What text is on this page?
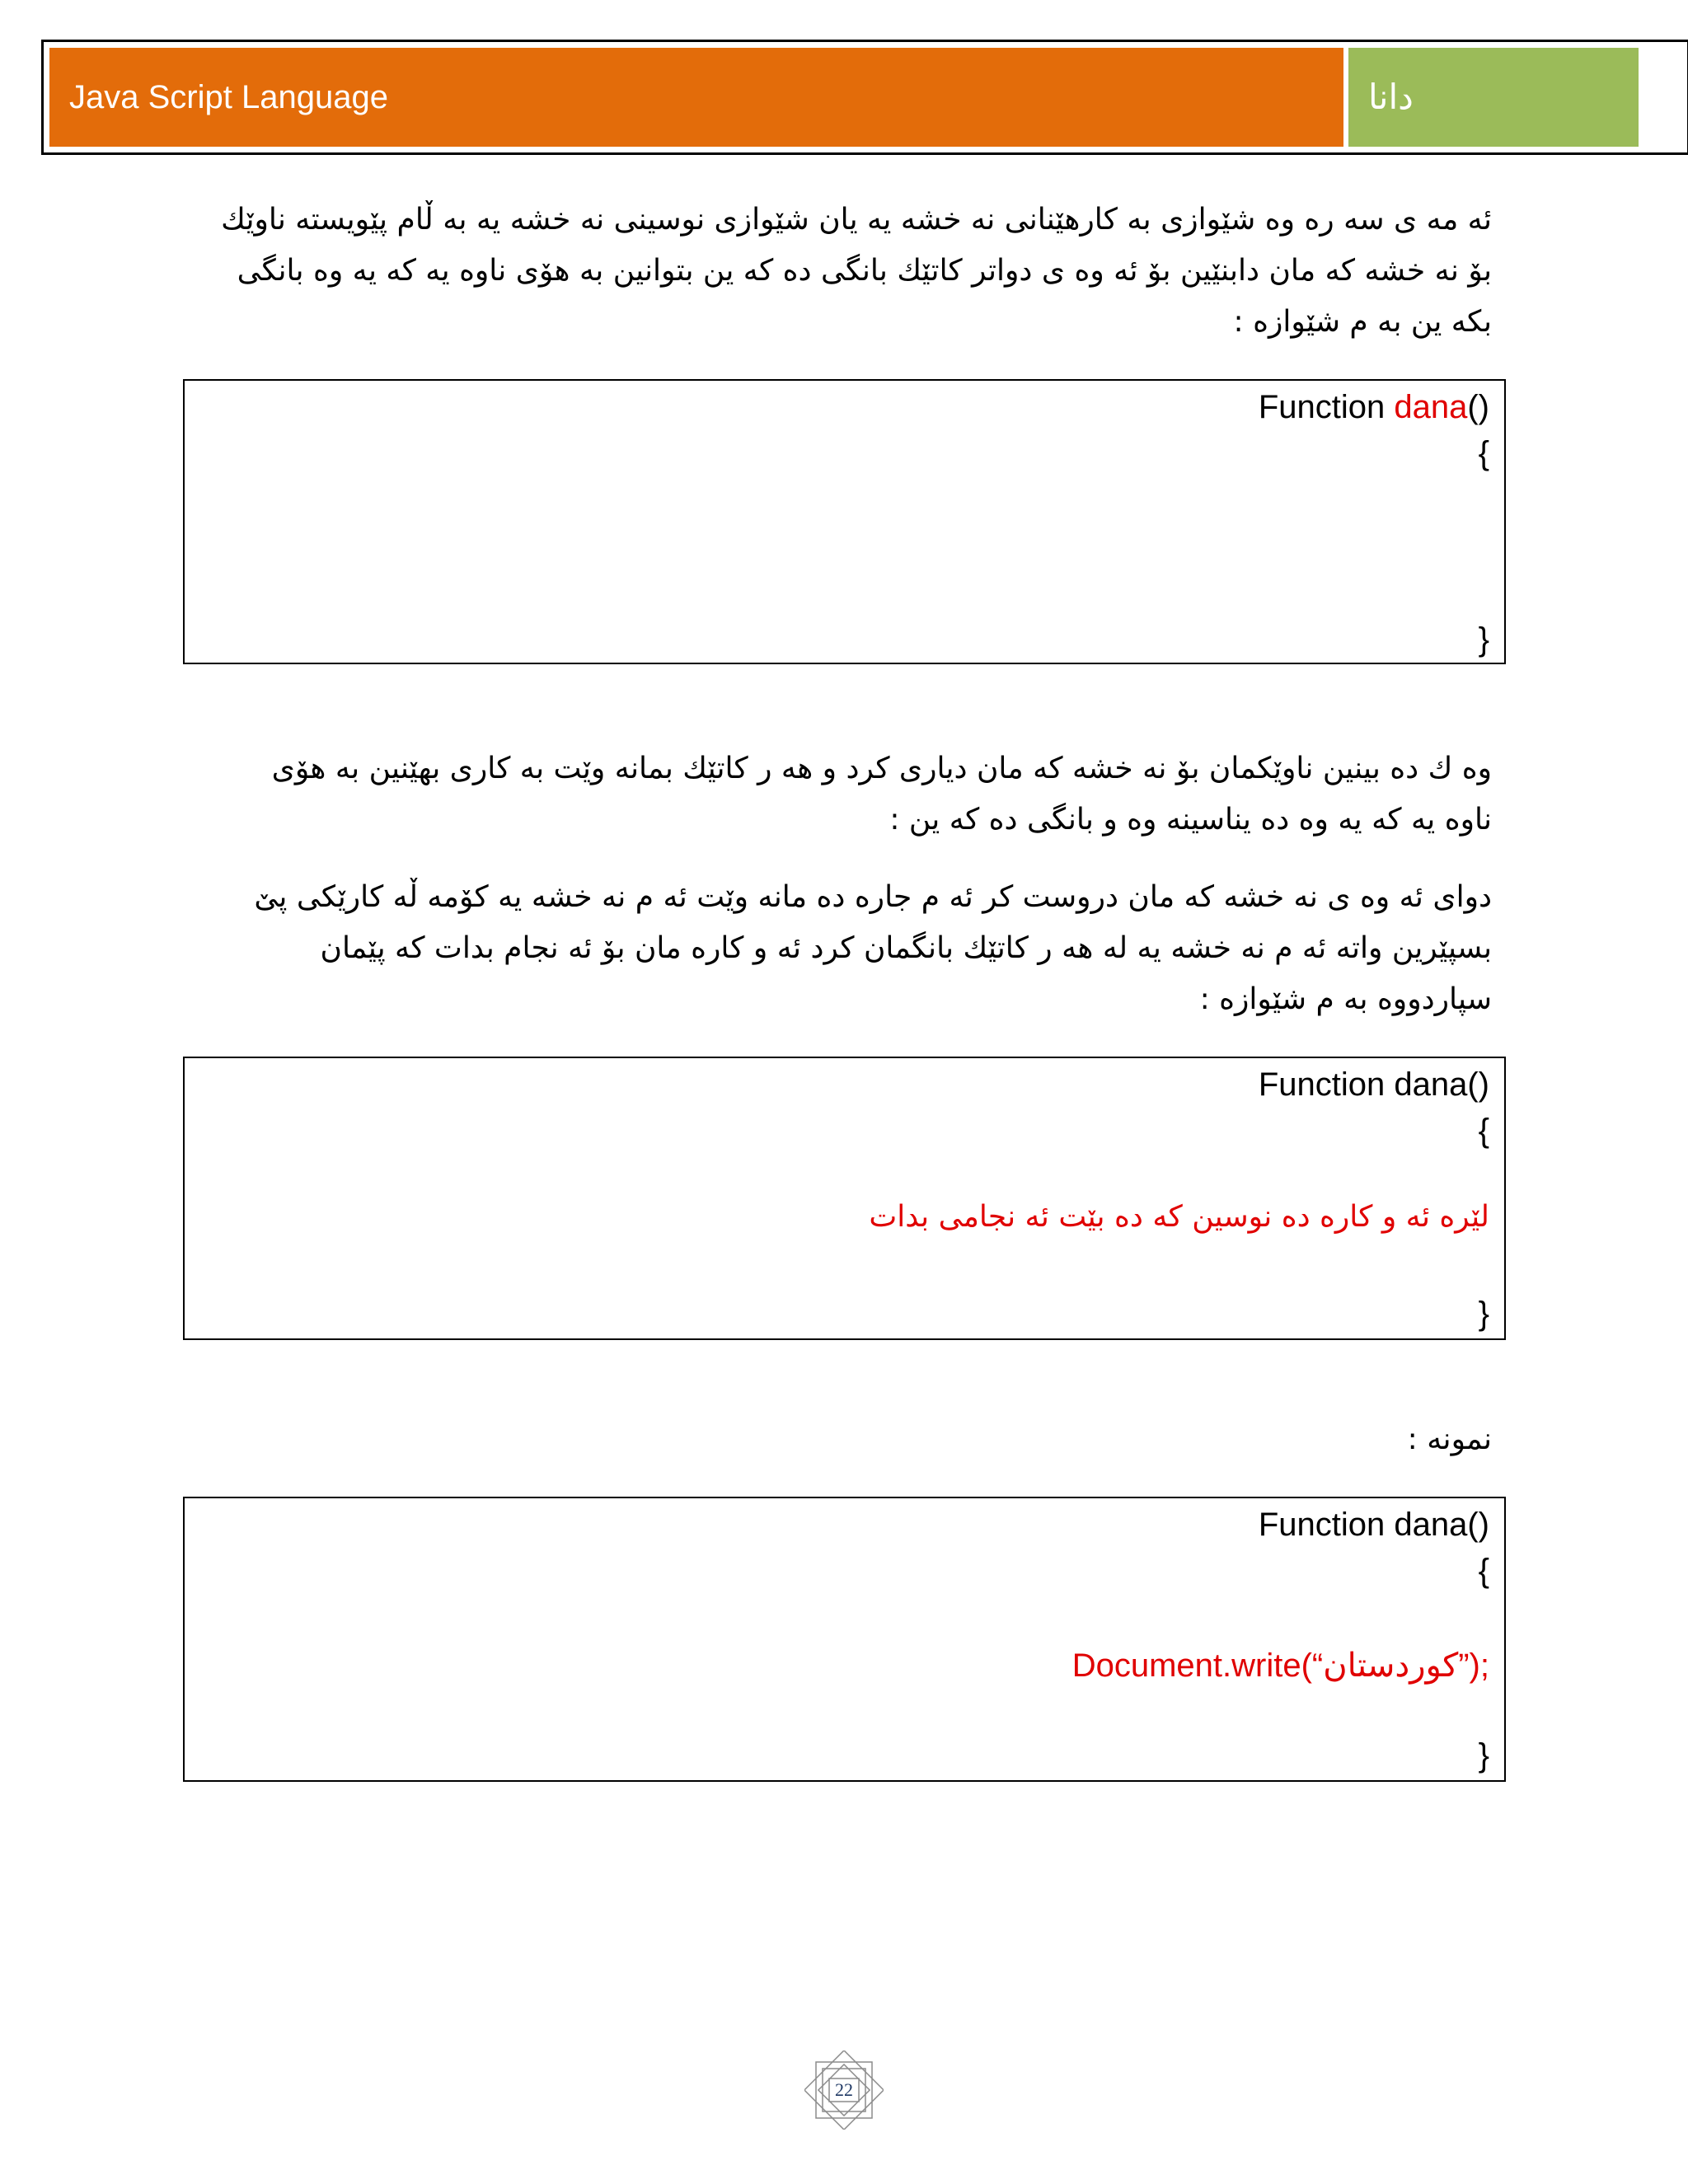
Java Script Language	دانا
ئه مه ی سه ره وه شێوازی به كارهێنانی نه خشه یه یان شێوازی نوسینی نه خشه یه به ڵام پێویسته ناوێك
بۆ نه خشه كه مان دابنێین بۆ ئه وه ی دواتر كاتێك بانگی ده كه ین بتوانین به هۆی ناوه یه كه یه وه بانگی
بكه ین به م شێوازه :
Function dana()
{
}
وه ك ده بینین ناوێكمان بۆ نه خشه كه مان دیاری كرد و هه ر كاتێك بمانه وێت به كاری بهێنین به هۆی
ناوه یه كه یه وه ده یناسینه وه و بانگی ده كه ین :
دوای ئه وه ی نه خشه كه مان دروست كر ئه م جاره ده مانه وێت ئه م نه خشه یه كۆمه ڵه كارێكی پێ
بسپێرین واته ئه م نه خشه یه له هه ر كاتێك بانگمان كرد ئه و كاره مان بۆ ئه نجام بدات كه پێمان
سپاردووه به م شێوازه :
Function dana()
{
لێره ئه و كاره ده نوسین كه ده بێت ئه نجامی بدات
}
نمونه :
Function dana()
{
Document.write(“كوردستان”);
}
22
